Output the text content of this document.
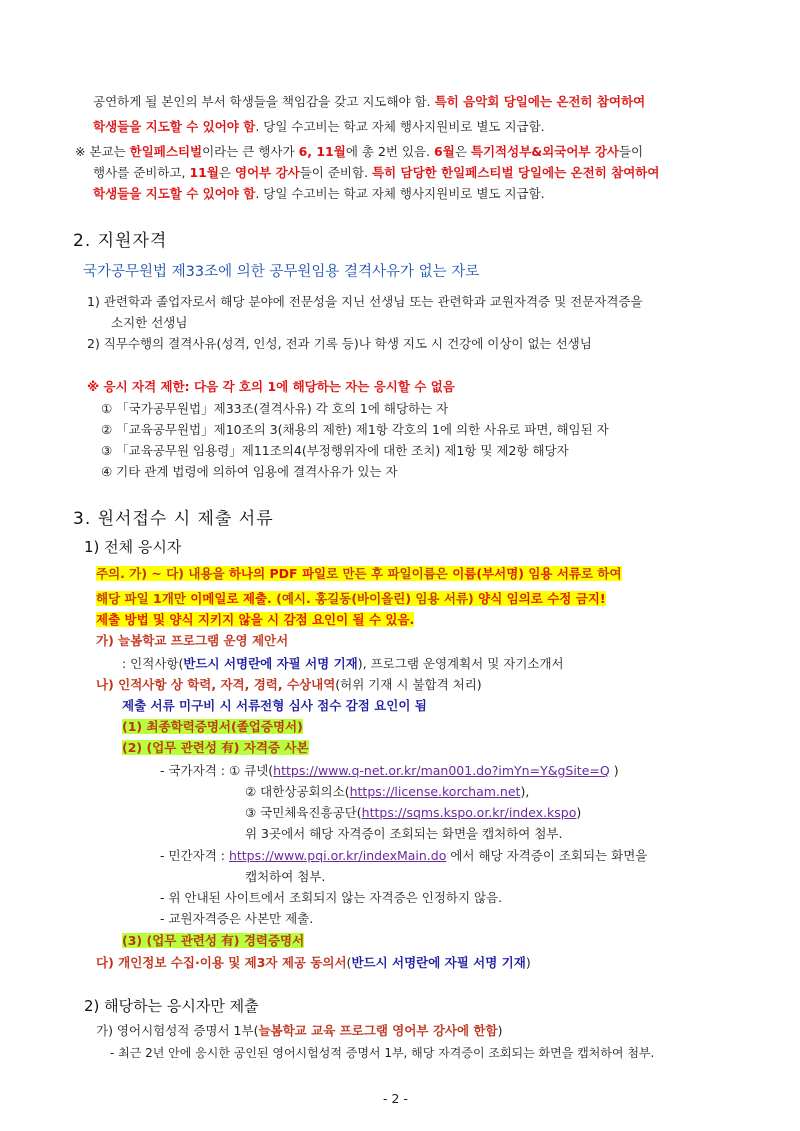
공연하게 될 본인의 부서 학생들을 책임감을 갖고 지도해야 함. 특히 음악회 당일에는 온전히 참여하여
학생들을 지도할 수 있어야 함. 당일 수고비는 학교 자체 행사지원비로 별도 지급함.
※ 본교는 한일페스티벌이라는 큰 행사가 6, 11월에 총 2번 있음. 6월은 특기적성부&외국어부 강사들이
행사를 준비하고, 11월은 영어부 강사들이 준비함. 특히 담당한 한일페스티벌 당일에는 온전히 참여하여
학생들을 지도할 수 있어야 함. 당일 수고비는 학교 자체 행사지원비로 별도 지급함.
2. 지원자격
국가공무원법 제33조에 의한 공무원임용 결격사유가 없는 자로
1) 관련학과 졸업자로서 해당 분야에 전문성을 지닌 선생님 또는 관련학과 교원자격증 및 전문자격증을
소지한 선생님
2) 직무수행의 결격사유(성격, 인성, 전과 기록 등)나 학생 지도 시 건강에 이상이 없는 선생님
※ 응시 자격 제한: 다음 각 호의 1에 해당하는 자는 응시할 수 없음
① 「국가공무원법」제33조(결격사유) 각 호의 1에 해당하는 자
② 「교육공무원법」제10조의 3(채용의 제한) 제1항 각호의 1에 의한 사유로 파면, 해임된 자
③ 「교육공무원 임용령」제11조의4(부정행위자에 대한 조치) 제1항 및 제2항 해당자
④ 기타 관계 법령에 의하여 임용에 결격사유가 있는 자
3. 원서접수 시 제출 서류
1) 전체 응시자
주의. 가) ~ 다) 내용을 하나의 PDF 파일로 만든 후 파일이름은 이름(부서명) 임용 서류로 하여
해당 파일 1개만 이메일로 제출. (예시. 홍길동(바이올린) 임용 서류) 양식 임의로 수정 금지!
제출 방법 및 양식 지키지 않을 시 감점 요인이 될 수 있음.
가) 늘봄학교 프로그램 운영 제안서
: 인적사항(반드시 서명란에 자필 서명 기재), 프로그램 운영계획서 및 자기소개서
나) 인적사항 상 학력, 자격, 경력, 수상내역(허위 기재 시 불합격 처리)
제출 서류 미구비 시 서류전형 심사 점수 감점 요인이 됨
(1) 최종학력증명서(졸업증명서)
(2) (업무 관련성 有) 자격증 사본
- 국가자격 : ① 큐넷(https://www.q-net.or.kr/man001.do?imYn=Y&gSite=Q )
② 대한상공회의소(https://license.korcham.net),
③ 국민체육진흥공단(https://sqms.kspo.or.kr/index.kspo)
위 3곳에서 해당 자격증이 조회되는 화면을 캡처하여 첨부.
- 민간자격 : https://www.pqi.or.kr/indexMain.do 에서 해당 자격증이 조회되는 화면을
캡처하여 첨부.
- 위 안내된 사이트에서 조회되지 않는 자격증은 인정하지 않음.
- 교원자격증은 사본만 제출.
(3) (업무 관련성 有) 경력증명서
다) 개인정보 수집·이용 및 제3자 제공 동의서(반드시 서명란에 자필 서명 기재)
2) 해당하는 응시자만 제출
가) 영어시험성적 증명서 1부(늘봄학교 교육 프로그램 영어부 강사에 한함)
- 최근 2년 안에 응시한 공인된 영어시험성적 증명서 1부, 해당 자격증이 조회되는 화면을 캡처하여 첨부.
- 2 -
